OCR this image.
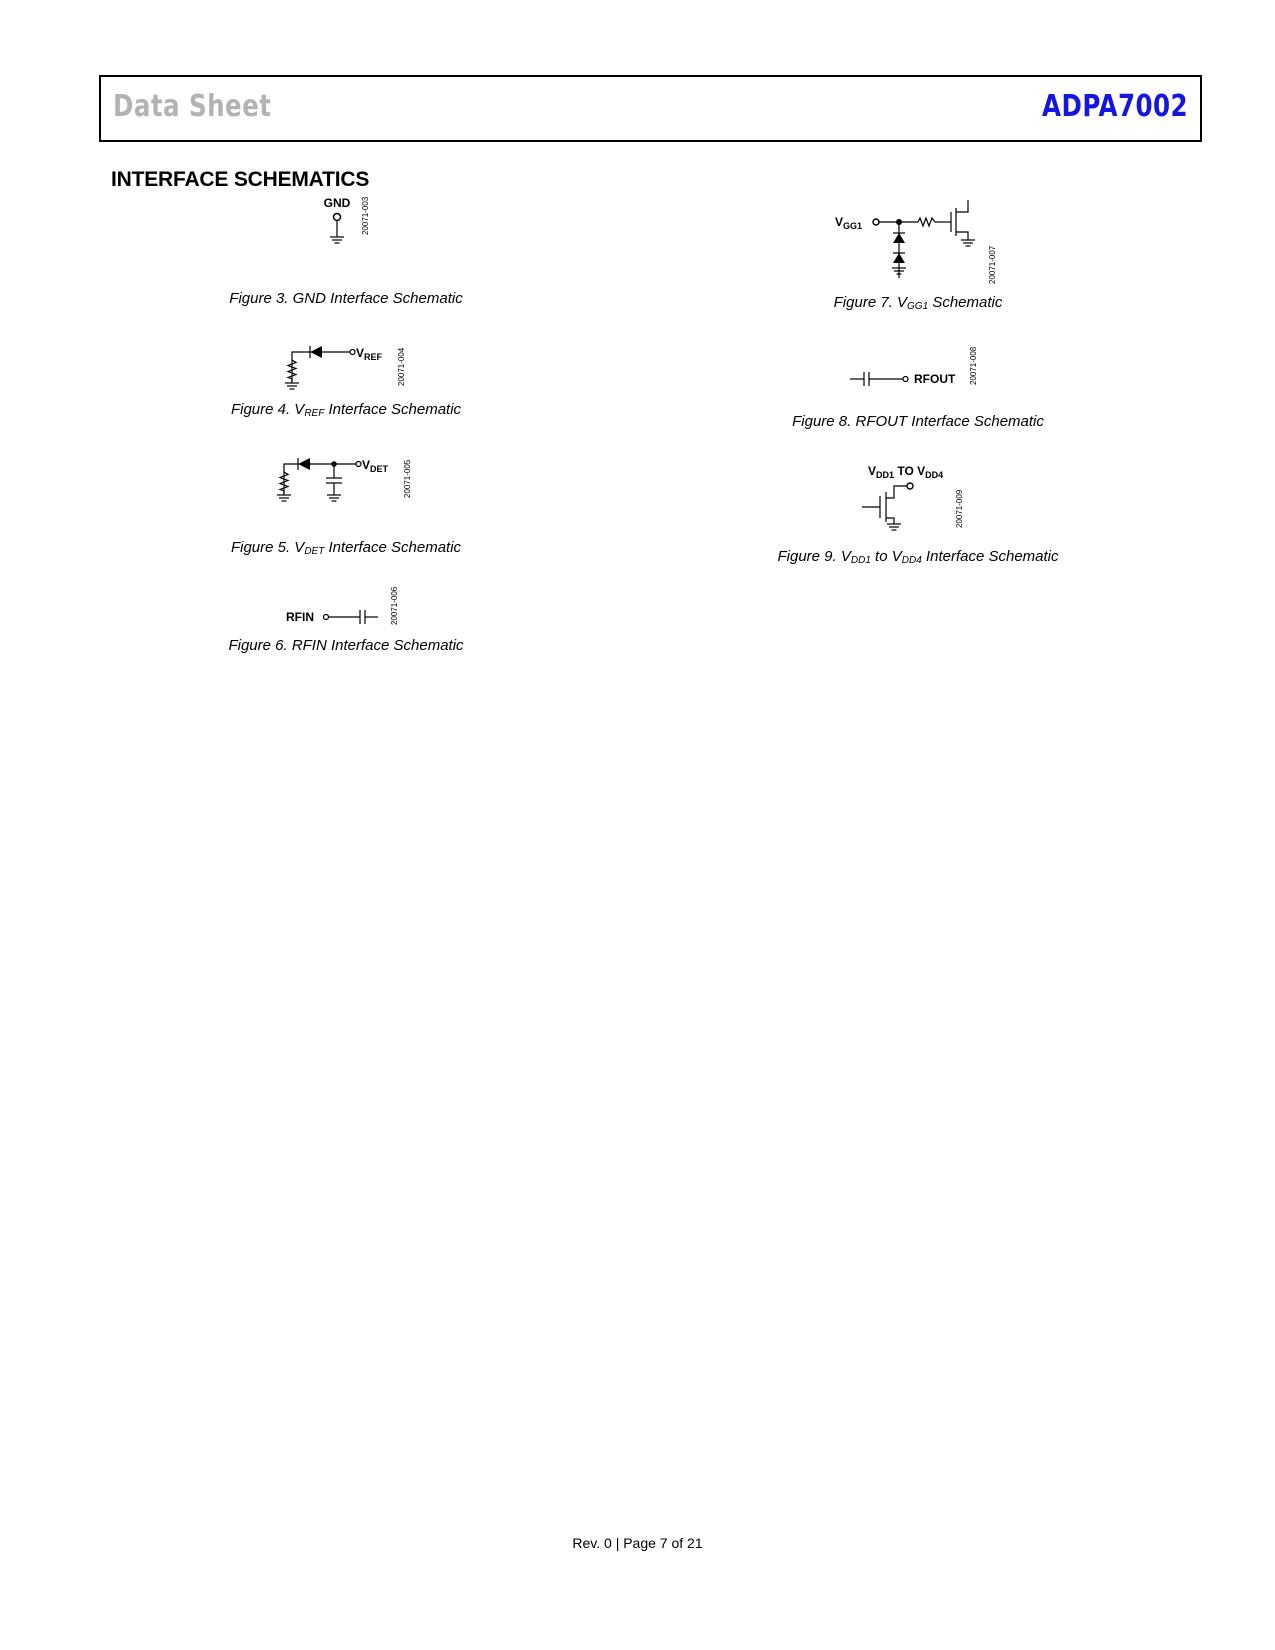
Data Sheet	ADPA7002
INTERFACE SCHEMATICS
GND 20071-003
Figure 3. GND Interface Schematic
$V_{REF}$ 20071-004
Figure 4. $V_{REF}$ Interface Schematic
$V_{DET}$ 20071-005
Figure 5. $V_{DET}$ Interface Schematic
RFIN	20071-006
Figure 6. RFIN Interface Schematic
$V_{GG1}$
20071-007
Figure 7. $V_{GG1}$ Schematic
RFOUT 20071-008
Figure 8. RFOUT Interface Schematic
$V_{DD1}$ TO $V_{DD4}$
20071-009
Figure 9. $V_{DD1}$ to $V_{DD4}$ Interface Schematic
Rev. 0 | Page 7 of 21
